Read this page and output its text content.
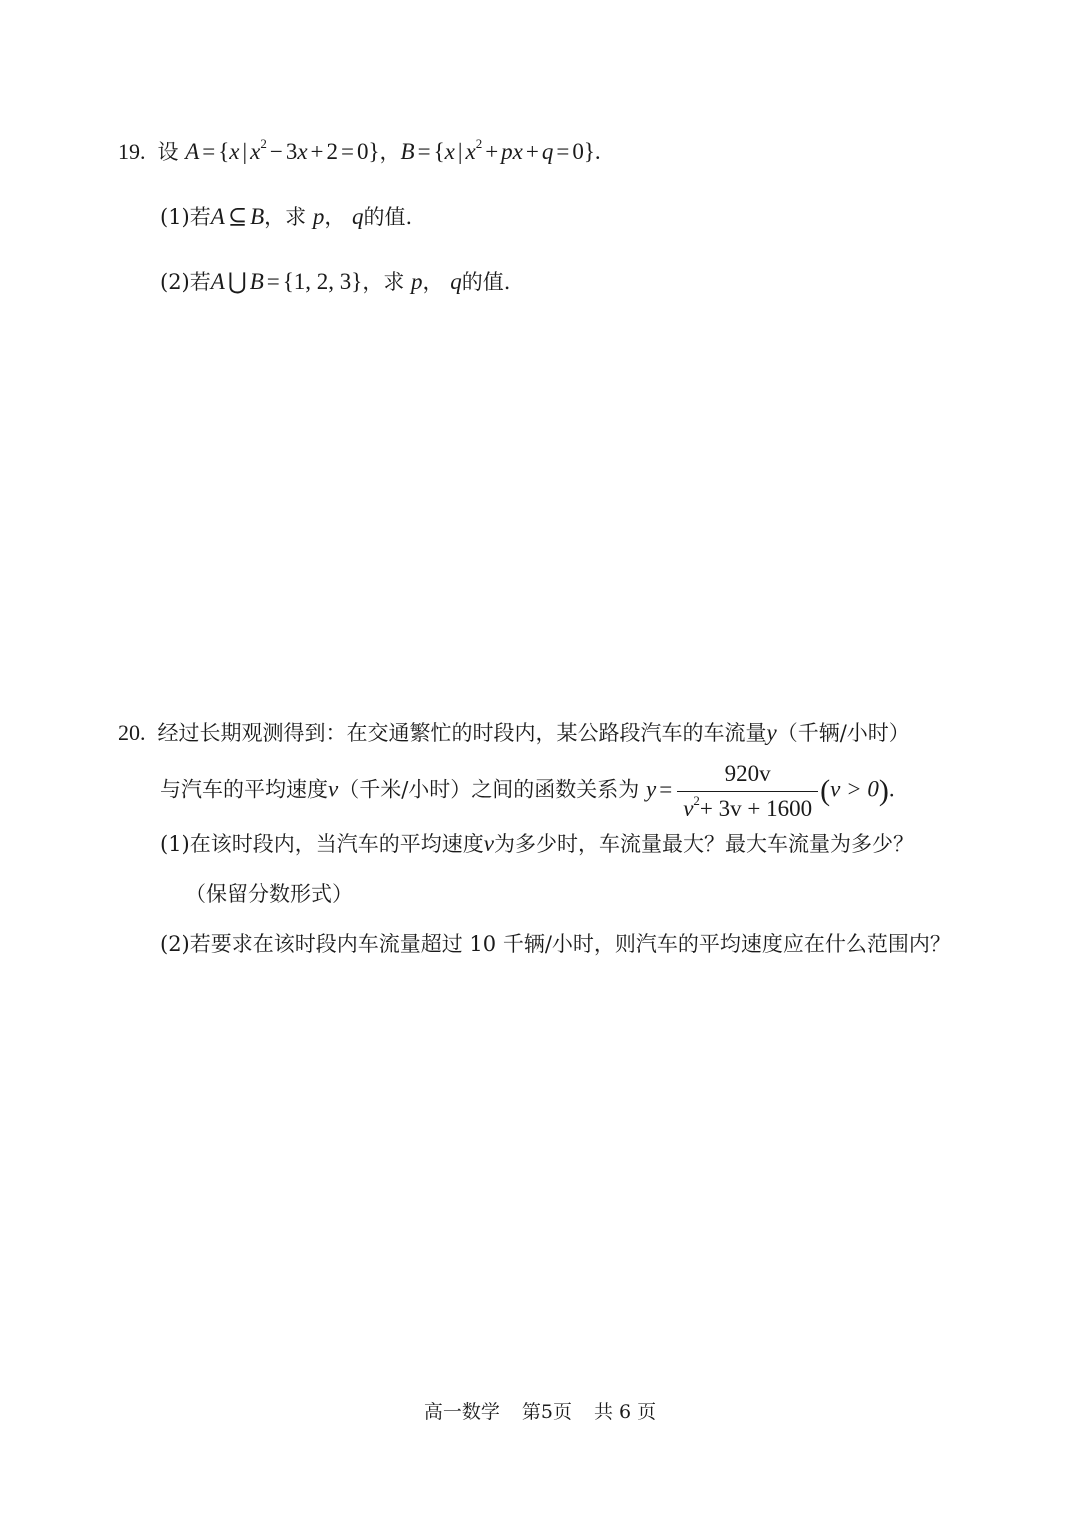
19. 设 A = {x | $x^2 - 3x + 2 = 0$}，B = {x | $x^2$ + px + q = 0}.
(1)若A ⊆ B，求 p， q的值.
(2)若A ⋃ B = {1, 2, 3}，求 p， q的值.
20. 经过长期观测得到：在交通繁忙的时段内，某公路段汽车的车流量y（千辆/小时）
与汽车的平均速度v（千米/小时）之间的函数关系为 $y = \frac{920v}{v^2+ 3v + 1600} (v > 0)$.
(1)在该时段内，当汽车的平均速度v为多少时，车流量最大？最大车流量为多少？
（保留分数形式）
(2)若要求在该时段内车流量超过 10 千辆/小时，则汽车的平均速度应在什么范围内？
高一数学 第5页 共 6 页
